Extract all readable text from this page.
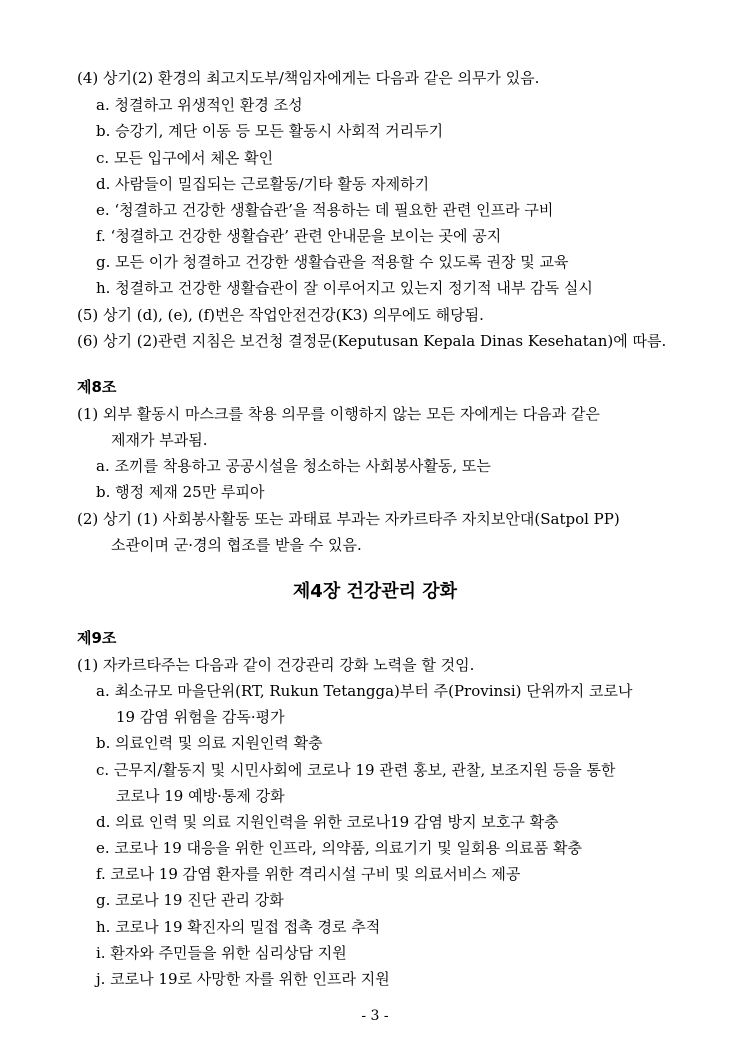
(4) 상기(2) 환경의 최고지도부/책임자에게는 다음과 같은 의무가 있음.
a. 청결하고 위생적인 환경 조성
b. 승강기, 계단 이동 등 모든 활동시 사회적 거리두기
c. 모든 입구에서 체온 확인
d. 사람들이 밀집되는 근로활동/기타 활동 자제하기
e. ‘청결하고 건강한 생활습관’을 적용하는 데 필요한 관련 인프라 구비
f. ‘청결하고 건강한 생활습관’ 관련 안내문을 보이는 곳에 공지
g. 모든 이가 청결하고 건강한 생활습관을 적용할 수 있도록 권장 및 교육
h. 청결하고 건강한 생활습관이 잘 이루어지고 있는지 정기적 내부 감독 실시
(5) 상기 (d), (e), (f)번은 작업안전건강(K3) 의무에도 해당됨.
(6) 상기 (2)관련 지침은 보건청 결정문(Keputusan Kepala Dinas Kesehatan)에 따름.
제8조
(1) 외부 활동시 마스크를 착용 의무를 이행하지 않는 모든 자에게는 다음과 같은
제재가 부과됨.
a. 조끼를 착용하고 공공시설을 청소하는 사회봉사활동, 또는
b. 행정 제재 25만 루피아
(2) 상기 (1) 사회봉사활동 또는 과태료 부과는 자카르타주 자치보안대(Satpol PP)
소관이며 군·경의 협조를 받을 수 있음.
제4장 건강관리 강화
제9조
(1) 자카르타주는 다음과 같이 건강관리 강화 노력을 할 것임.
a. 최소규모 마을단위(RT, Rukun Tetangga)부터 주(Provinsi) 단위까지 코로나
19 감염 위험을 감독·평가
b. 의료인력 및 의료 지원인력 확충
c. 근무지/활동지 및 시민사회에 코로나 19 관련 홍보, 관찰, 보조지원 등을 통한
코로나 19 예방·통제 강화
d. 의료 인력 및 의료 지원인력을 위한 코로나19 감염 방지 보호구 확충
e. 코로나 19 대응을 위한 인프라, 의약품, 의료기기 및 일회용 의료품 확충
f. 코로나 19 감염 환자를 위한 격리시설 구비 및 의료서비스 제공
g. 코로나 19 진단 관리 강화
h. 코로나 19 확진자의 밀접 접촉 경로 추적
i. 환자와 주민들을 위한 심리상담 지원
j. 코로나 19로 사망한 자를 위한 인프라 지원
- 3 -
